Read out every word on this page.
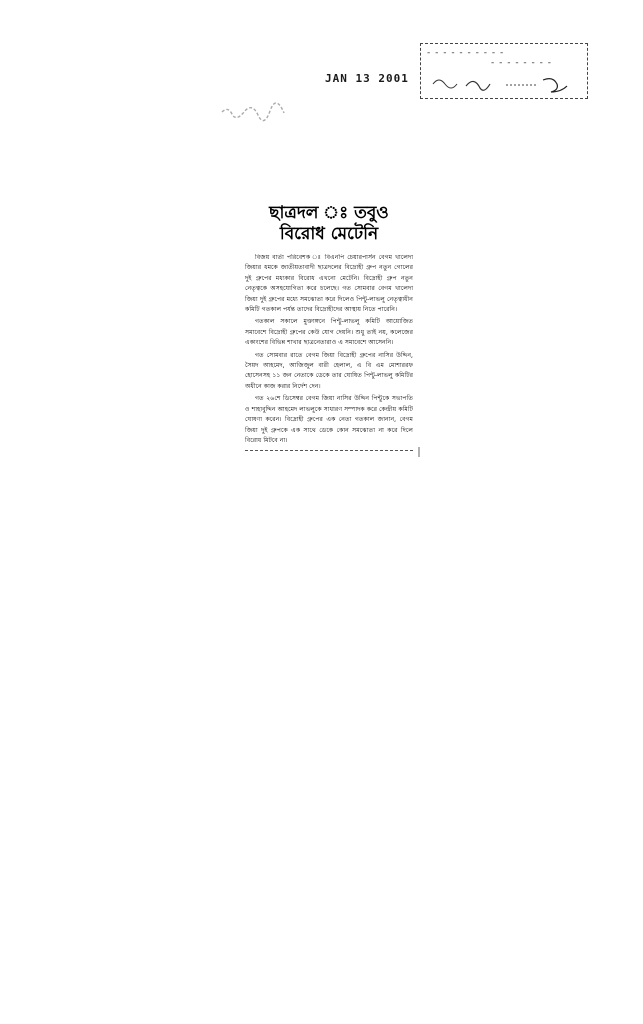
JAN 13 2001
- - - - - - - - - -
- - - - - - - -
ছাত্রদল ঃ তবুও
বিরোধ মেটেনি

বিজয় বার্তা পরিবেশক ঃ বিএনপি চেয়ারপার্সন বেগম খালেদা জিয়ার ধমকে জাতীয়তাবাদী ছাত্রদলের বিদ্রোহী গ্রুপ নতুন গোলের দুই গ্রুপের মধ্যকার বিরোধ এখনো মেটেনি। বিদ্রোহী গ্রুপ নতুন নেতৃত্বকে অসহযোগিতা করে চলেছে। গত সোমবার বেগম খালেদা জিয়া দুই গ্রুপের মধ্যে সমঝোতা করে দিলেও পিন্টু-লাভলু নেতৃত্বাধীন কমিটি গতকাল পর্যন্ত তাদের বিদ্রোহীদের আস্থায় নিতে পারেনি।

গতকাল সকালে মুক্তাঙ্গনে পিন্টু-লাভলু কমিটি আয়োজিত সমাবেশে বিদ্রোহী গ্রুপের কেউ যোগ দেয়নি। শুধু তাই নয়, কলেজের একাংশের বিভিন্ন শাখার ছাত্রনেতারাও এ সমাবেশে আসেননি।

গত সোমবার রাতে বেগম জিয়া বিদ্রোহী গ্রুপের নাসির উদ্দিন, সৈয়দ আহমেদ, আজিজুল বারী হেলাল, এ বি এম মোশাররফ হোসেনসহ ১১ জন নেতাকে ডেকে তার ঘোষিত পিন্টু-লাভলু কমিটির অধীনে কাজ করার নির্দেশ দেন।

গত ২৬শে ডিসেম্বর বেগম জিয়া নাসির উদ্দিন পিন্টুকে সভাপতি ও শাহাবুদ্দিন আহমেদ লাভলুকে সাধারণ সম্পাদক করে কেন্দ্রীয় কমিটি ঘোষণা করেন। বিদ্রোহী গ্রুপের এক নেতা গতকাল জানান, বেগম জিয়া দুই গ্রুপকে এক সাথে ডেকে কোন সমঝোতা না করে দিলে বিরোধ মিটবে না।
